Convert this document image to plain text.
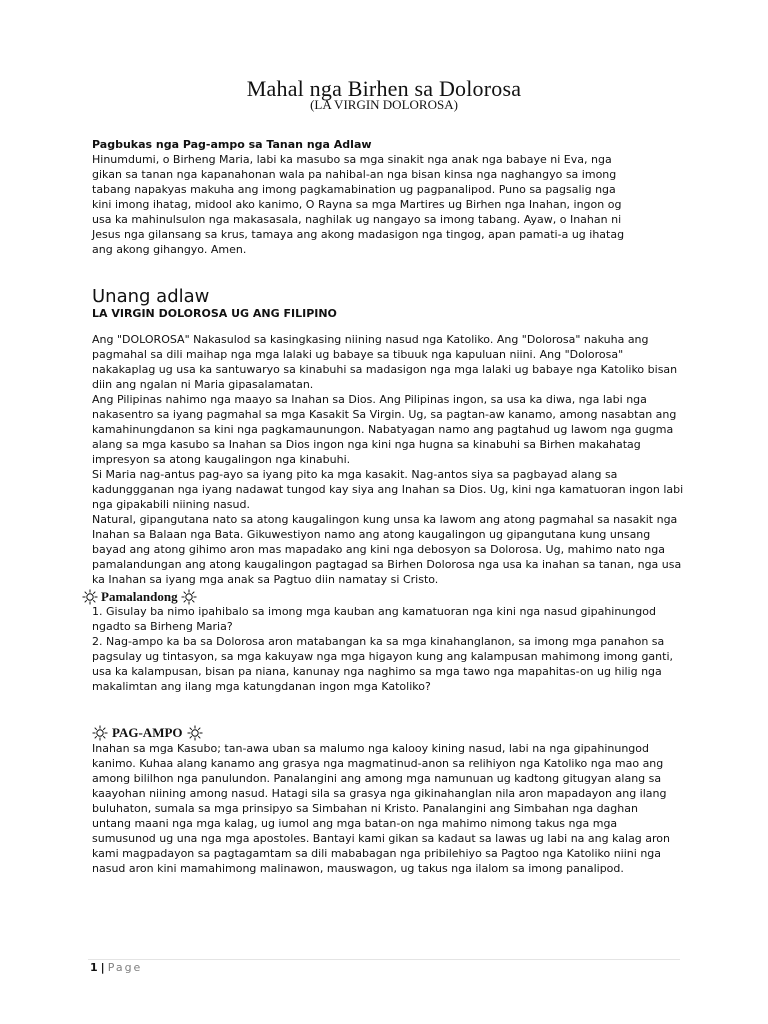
Mahal nga Birhen sa Dolorosa
(LA VIRGIN DOLOROSA)
Pagbukas nga Pag-ampo sa Tanan nga Adlaw
Hinumdumi, o Birheng Maria, labi ka masubo sa mga sinakit nga anak nga babaye ni Eva, nga
gikan sa tanan nga kapanahonan wala pa nahibal-an nga bisan kinsa nga naghangyo sa imong
tabang napakyas makuha ang imong pagkamabination ug pagpanalipod. Puno sa pagsalig nga
kini imong ihatag, midool ako kanimo, O Rayna sa mga Martires ug Birhen nga Inahan, ingon og
usa ka mahinulsulon nga makasasala, naghilak ug nangayo sa imong tabang. Ayaw, o Inahan ni
Jesus nga gilansang sa krus, tamaya ang akong madasigon nga tingog, apan pamati-a ug ihatag
ang akong gihangyo. Amen.
Unang adlaw
LA VIRGIN DOLOROSA UG ANG FILIPINO
Ang "DOLOROSA" Nakasulod sa kasingkasing niining nasud nga Katoliko. Ang "Dolorosa" nakuha ang
pagmahal sa dili maihap nga mga lalaki ug babaye sa tibuuk nga kapuluan niini. Ang "Dolorosa"
nakakaplag ug usa ka santuwaryo sa kinabuhi sa madasigon nga mga lalaki ug babaye nga Katoliko bisan
diin ang ngalan ni Maria gipasalamatan.
Ang Pilipinas nahimo nga maayo sa Inahan sa Dios. Ang Pilipinas ingon, sa usa ka diwa, nga labi nga
nakasentro sa iyang pagmahal sa mga Kasakit Sa Virgin. Ug, sa pagtan-aw kanamo, among nasabtan ang
kamahinungdanon sa kini nga pagkamaunungon. Nabatyagan namo ang pagtahud ug lawom nga gugma
alang sa mga kasubo sa Inahan sa Dios ingon nga kini nga hugna sa kinabuhi sa Birhen makahatag
impresyon sa atong kaugalingon nga kinabuhi.
Si Maria nag-antus pag-ayo sa iyang pito ka mga kasakit. Nag-antos siya sa pagbayad alang sa
kadunggganan nga iyang nadawat tungod kay siya ang Inahan sa Dios. Ug, kini nga kamatuoran ingon labi
nga gipakabili niining nasud.
Natural, gipangutana nato sa atong kaugalingon kung unsa ka lawom ang atong pagmahal sa nasakit nga
Inahan sa Balaan nga Bata. Gikuwestiyon namo ang atong kaugalingon ug gipangutana kung unsang
bayad ang atong gihimo aron mas mapadako ang kini nga debosyon sa Dolorosa. Ug, mahimo nato nga
pamalandungan ang atong kaugalingon pagtagad sa Birhen Dolorosa nga usa ka inahan sa tanan, nga usa
ka Inahan sa iyang mga anak sa Pagtuo diin namatay si Cristo.
Pamalandong
1. Gisulay ba nimo ipahibalo sa imong mga kauban ang kamatuoran nga kini nga nasud gipahinungod
ngadto sa Birheng Maria?
2. Nag-ampo ka ba sa Dolorosa aron matabangan ka sa mga kinahanglanon, sa imong mga panahon sa
pagsulay ug tintasyon, sa mga kakuyaw nga mga higayon kung ang kalampusan mahimong imong ganti,
usa ka kalampusan, bisan pa niana, kanunay nga naghimo sa mga tawo nga mapahitas-on ug hilig nga
makalimtan ang ilang mga katungdanan ingon mga Katoliko?
PAG-AMPO
Inahan sa mga Kasubo; tan-awa uban sa malumo nga kalooy kining nasud, labi na nga gipahinungod
kanimo. Kuhaa alang kanamo ang grasya nga magmatinud-anon sa relihiyon nga Katoliko nga mao ang
among bililhon nga panulundon. Panalangini ang among mga namunuan ug kadtong gitugyan alang sa
kaayohan niining among nasud. Hatagi sila sa grasya nga gikinahanglan nila aron mapadayon ang ilang
buluhaton, sumala sa mga prinsipyo sa Simbahan ni Kristo. Panalangini ang Simbahan nga daghan
untang maani nga mga kalag, ug iumol ang mga batan-on nga mahimo nimong takus nga mga
sumusunod ug una nga mga apostoles. Bantayi kami gikan sa kadaut sa lawas ug labi na ang kalag aron
kami magpadayon sa pagtagamtam sa dili mababagan nga pribilehiyo sa Pagtoo nga Katoliko niini nga
nasud aron kini mamahimong malinawon, mauswagon, ug takus nga ilalom sa imong panalipod.
1 | Page
